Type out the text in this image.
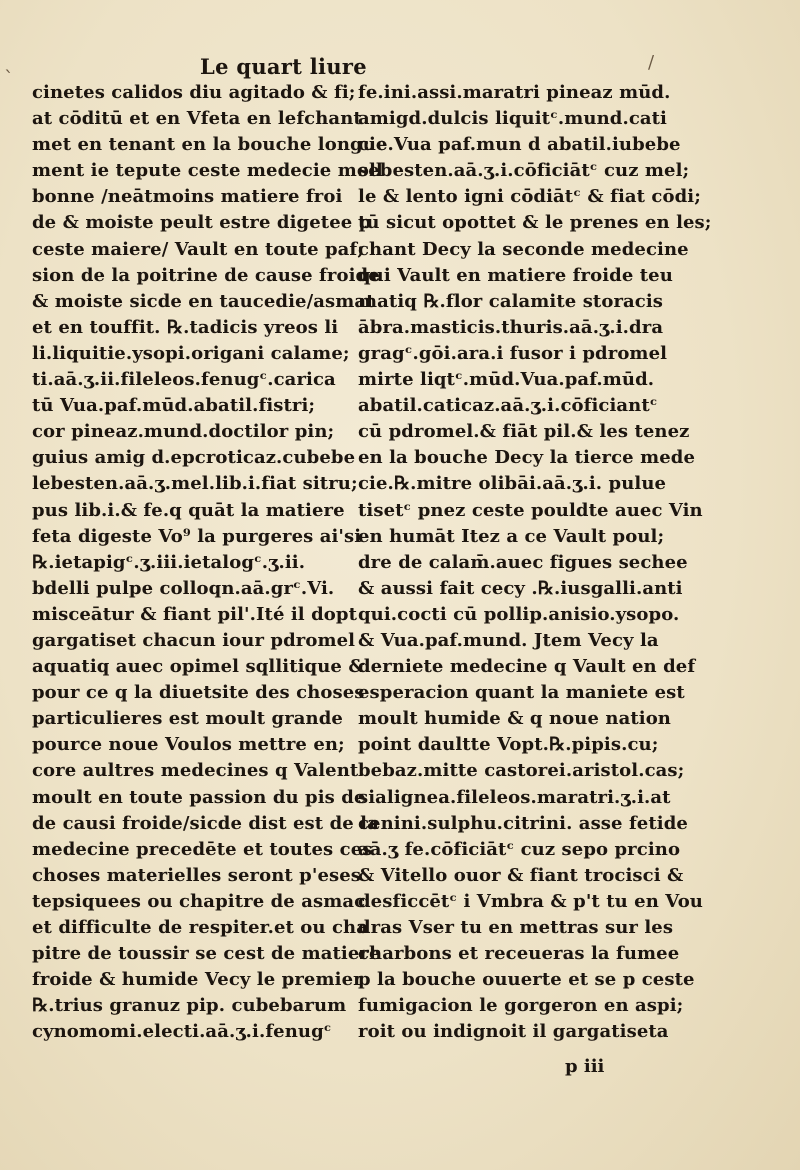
`	Le quart liure	/
cinetes calidos diu agitado & fi;
at cōditū et en Vfeta en lefchant
met en tenant en la bouche longue
ment ie tepute ceste medecie moll
bonne /neātmoins matiere froi
de & moiste peult estre digetee p
ceste maiere/ Vault en toute paf;
sion de la poitrine de cause froide
& moiste sicde en taucedie/asmat
et en touffit. ℞.tadicis yreos li
li.liquitie.ysopi.origani calame;
ti.aā.ʒ.ii.fileleos.fenugᶜ.carica
tū Vua.paf.mūd.abatil.fistri;
cor pineaz.mund.doctilor pin;
guius amig d.epcroticaz.cubebe
lebesten.aā.ʒ.mel.lib.i.fiat sitru;
pus lib.i.& fe.q quāt la matiere
feta digeste Vo⁹ la purgeres ai'si
℞.ietapigᶜ.ʒ.iii.ietalogᶜ.ʒ.ii.
bdelli pulpe colloqn.aā.grᶜ.Vi.
misceātur & fiant pil'.Ité il dopt
gargatiset chacun iour pdromel
aquatiq auec opimel sqllitique &
pour ce q la diuetsite des choses
particulieres est moult grande
pource noue Voulos mettre en;
core aultres medecines q Valent
moult en toute passion du pis de
de causi froide/sicde dist est de la
medecine precedēte et toutes ces
choses materielles seront p'eses
tepsiquees ou chapitre de asmac
et difficulte de respiter.et ou cha
pitre de toussir se cest de matiere
froide & humide Vecy le premier
℞.trius granuz pip. cubebarum
cynomomi.electi.aā.ʒ.i.fenugᶜ
fe.ini.assi.maratri pineaz mūd.
amigd.dulcis liquitᶜ.mund.cati
cie.Vua paf.mun d abatil.iubebe
sebesten.aā.ʒ.i.cōficiātᶜ cuz mel;
le & lento igni cōdiātᶜ & fiat cōdi;
tū sicut opottet & le prenes en les;
chant Decy la seconde medecine
qui Vault en matiere froide teu
matiq ℞.flor calamite storacis
ābra.masticis.thuris.aā.ʒ.i.dra
gragᶜ.gōi.ara.i fusor i pdromel
mirte liqtᶜ.mūd.Vua.paf.mūd.
abatil.caticaz.aā.ʒ.i.cōficiantᶜ
cū pdromel.& fiāt pil.& les tenez
en la bouche Decy la tierce mede
cie.℞.mitre olibāi.aā.ʒ.i. pulue
tisetᶜ pnez ceste pouldte auec Vin
en humāt Itez a ce Vault poul;
dre de calam̄.auec figues sechee
& aussi fait cecy .℞.iusgalli.anti
qui.cocti cū pollip.anisio.ysopo.
& Vua.paf.mund. Jtem Vecy la
derniete medecine q Vault en def
esperacion quant la maniete est
moult humide & q noue nation
point daultte Vopt.℞.pipis.cu;
bebaz.mitte castorei.aristol.cas;
sialignea.fileleos.maratri.ʒ.i.at
cenini.sulphu.citrini. asse fetide
aā.ʒ fe.cōficiātᶜ cuz sepo prcino
& Vitello ouor & fiant trocisci &
desficcētᶜ i Vmbra & p't tu en Vou
dras Vser tu en mettras sur les
charbons et receueras la fumee
p la bouche ouuerte et se p ceste
fumigacion le gorgeron en aspi;
roit ou indignoit il gargatiseta
p iii
